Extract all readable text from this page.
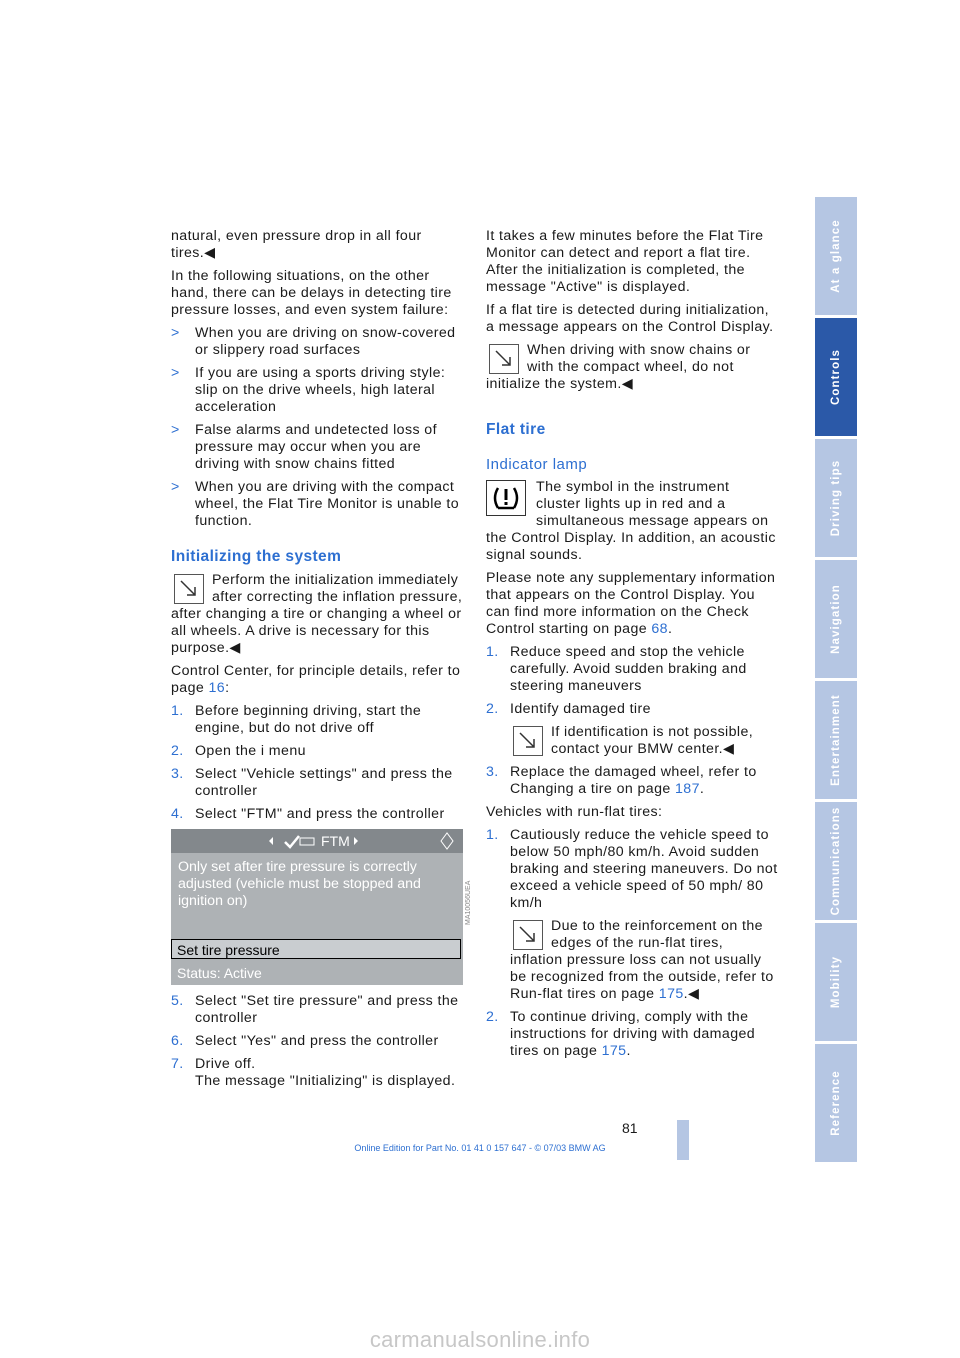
natural, even pressure drop in all four tires.◀

In the following situations, on the other hand, there can be delays in detecting tire pressure losses, and even system failure:

>	When you are driving on snow-covered or slippery road surfaces
>	If you are using a sports driving style: slip on the drive wheels, high lateral acceleration
>	False alarms and undetected loss of pressure may occur when you are driving with snow chains fitted
>	When you are driving with the compact wheel, the Flat Tire Monitor is unable to function.
Initializing the system
Perform the initialization immediately after correcting the inflation pressure, after changing a tire or changing a wheel or all wheels. A drive is necessary for this purpose.◀

Control Center, for principle details, refer to page 16:

1. Before beginning driving, start the engine, but do not drive off
2. Open the i menu
3. Select "Vehicle settings" and press the controller
4. Select "FTM" and press the controller
FTM
Only set after tire pressure is correctly adjusted (vehicle must be stopped and ignition on)
Set tire pressure
Status: Active
5. Select "Set tire pressure" and press the controller
6. Select "Yes" and press the controller
7. Drive off.
The message "Initializing" is displayed.
MA10056UEA

It takes a few minutes before the Flat Tire Monitor can detect and report a flat tire. After the initialization is completed, the message "Active" is displayed.

If a flat tire is detected during initialization, a message appears on the Control Display.

When driving with snow chains or with the compact wheel, do not initialize the system.◀
Flat tire
Indicator lamp
The symbol in the instrument cluster lights up in red and a simultaneous message appears on the Control Display. In addition, an acoustic signal sounds.

Please note any supplementary information that appears on the Control Display. You can find more information on the Check Control starting on page 68.

1. Reduce speed and stop the vehicle carefully. Avoid sudden braking and steering maneuvers
2. Identify damaged tire
If identification is not possible, contact your BMW center.◀
3. Replace the damaged wheel, refer to Changing a tire on page 187.

Vehicles with run-flat tires:

1. Cautiously reduce the vehicle speed to below 50 mph/80 km/h. Avoid sudden braking and steering maneuvers. Do not exceed a vehicle speed of 50 mph/ 80 km/h
Due to the reinforcement on the edges of the run-flat tires, inflation pressure loss can not usually be recognized from the outside, refer to Run-flat tires on page 175.◀
2. To continue driving, comply with the instructions for driving with damaged tires on page 175.
At a glance
Controls
Driving tips
Navigation
Entertainment
Communications
Mobility
Reference
81
Online Edition for Part No. 01 41 0 157 647 - © 07/03 BMW AG
carmanualsonline.info
